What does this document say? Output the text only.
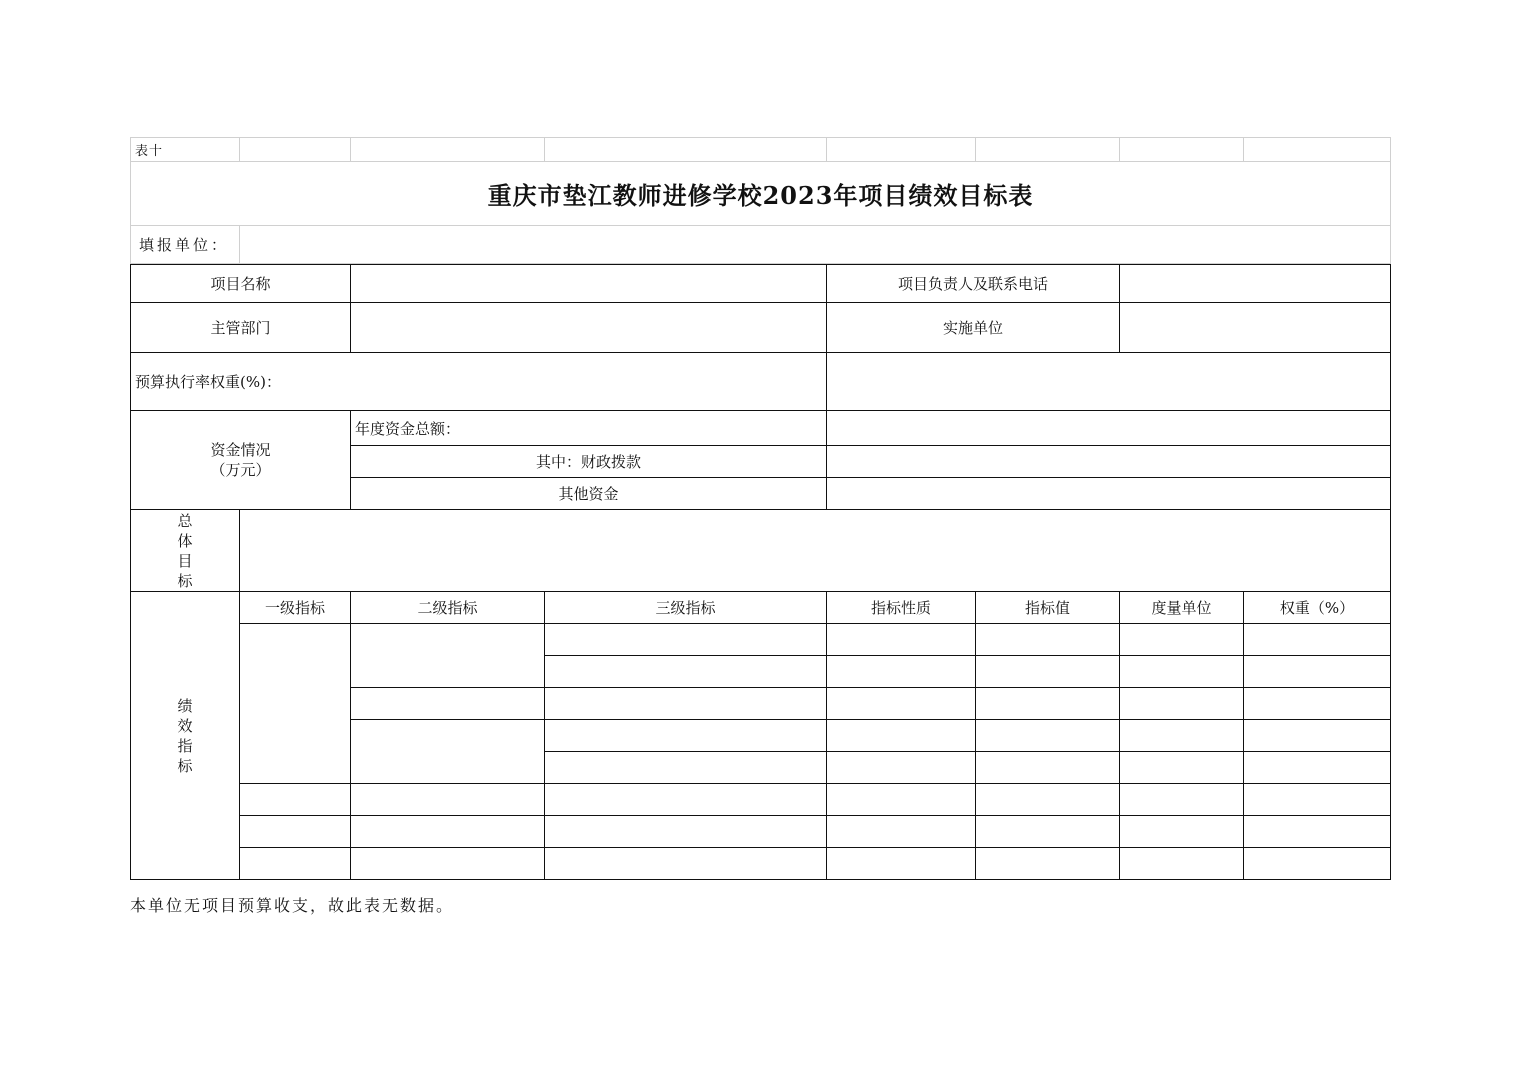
表十							
重庆市垫江教师进修学校2023年项目绩效目标表							
填报单位：							
项目名称				项目负责人及联系电话			
主管部门				实施单位			
预算执行率权重(%)：							
资金情况（万元）		年度资金总额：					
		其中：财政拨款					
		其他资金					
总体目标							
绩效指标	一级指标	二级指标	三级指标	指标性质	指标值	度量单位	权重（%）

本单位无项目预算收支，故此表无数据。
